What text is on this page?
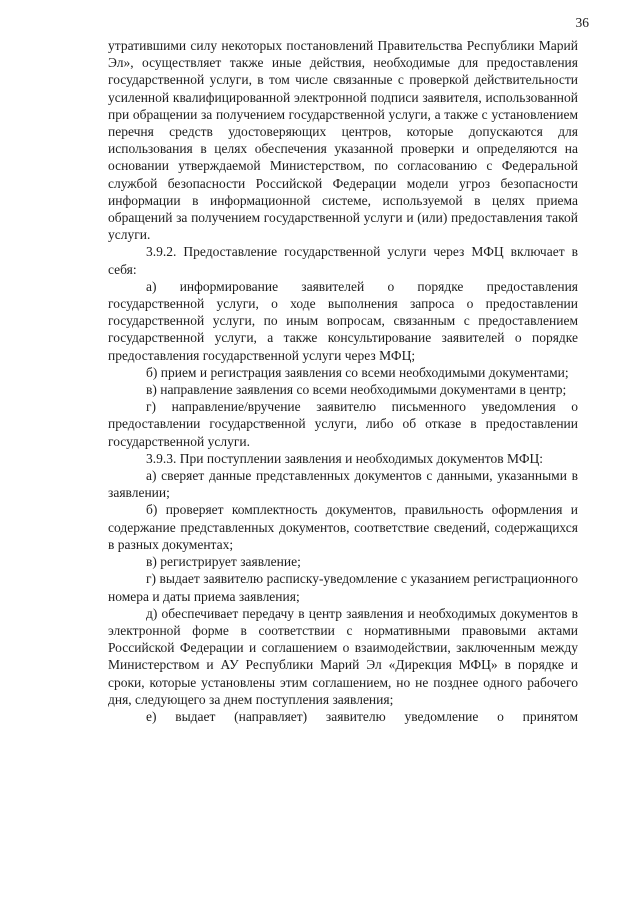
36

утратившими силу некоторых постановлений Правительства Республики Марий Эл», осуществляет также иные действия, необходимые для предоставления государственной услуги, в том числе связанные с проверкой действительности усиленной квалифицированной электронной подписи заявителя, использованной при обращении за получением государственной услуги, а также с установлением перечня средств удостоверяющих центров, которые допускаются для использования в целях обеспечения указанной проверки и определяются на основании утверждаемой Министерством, по согласованию с Федеральной службой безопасности Российской Федерации модели угроз безопасности информации в информационной системе, используемой в целях приема обращений за получением государственной услуги и (или) предоставления такой услуги.

3.9.2. Предоставление государственной услуги через МФЦ включает в себя:

а) информирование заявителей о порядке предоставления государственной услуги, о ходе выполнения запроса о предоставлении государственной услуги, по иным вопросам, связанным с предоставлением государственной услуги, а также консультирование заявителей о порядке предоставления государственной услуги через МФЦ;

б) прием и регистрация заявления со всеми необходимыми документами;

в) направление заявления со всеми необходимыми документами в центр;

г) направление/вручение заявителю письменного уведомления о предоставлении государственной услуги, либо об отказе в предоставлении государственной услуги.

3.9.3. При поступлении заявления и необходимых документов МФЦ:

а) сверяет данные представленных документов с данными, указанными в заявлении;

б) проверяет комплектность документов, правильность оформления и содержание представленных документов, соответствие сведений, содержащихся в разных документах;

в) регистрирует заявление;

г) выдает заявителю расписку-уведомление с указанием регистрационного номера и даты приема заявления;

д) обеспечивает передачу в центр заявления и необходимых документов в электронной форме в соответствии с нормативными правовыми актами Российской Федерации и соглашением о взаимодействии, заключенным между Министерством и АУ Республики Марий Эл «Дирекция МФЦ» в порядке и сроки, которые установлены этим соглашением, но не позднее одного рабочего дня, следующего за днем поступления заявления;

е) выдает (направляет) заявителю уведомление о принятом
